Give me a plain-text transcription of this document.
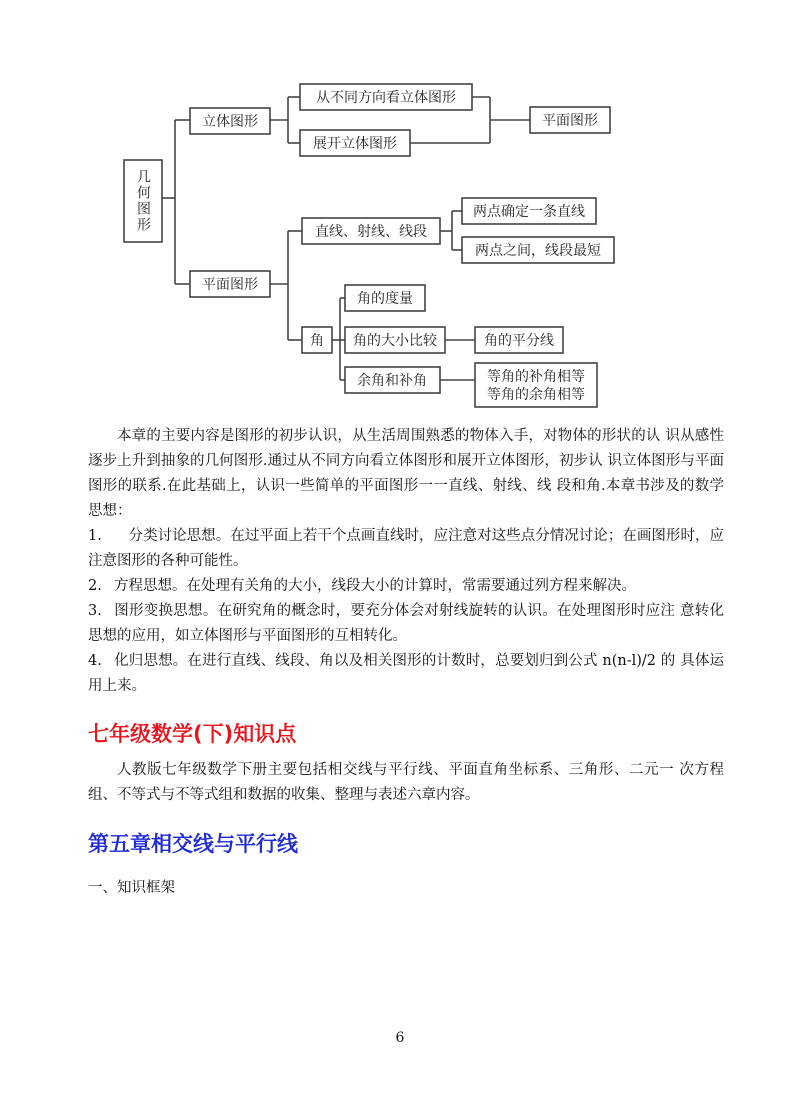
几何图形
立体图形
从不同方向看立体图形
展开立体图形
平面图形
平面图形
直线、射线、线段
两点确定一条直线
两点之间，线段最短
角
角的度量
角的大小比较	角的平分线
余角和补角	等角的补角相等
等角的余角相等

本章的主要内容是图形的初步认识，从生活周围熟悉的物体入手，对物体的形状的认 识从感性逐步上升到抽象的几何图形.通过从不同方向看立体图形和展开立体图形，初步认 识立体图形与平面图形的联系.在此基础上，认识一些简单的平面图形一一直线、射线、线 段和角.本章书涉及的数学思想：

1.　分类讨论思想。在过平面上若干个点画直线时，应注意对这些点分情况讨论；在画图形时，应注意图形的各种可能性。

2. 方程思想。在处理有关角的大小，线段大小的计算时，常需要通过列方程来解决。

3. 图形变换思想。在研究角的概念时，要充分体会对射线旋转的认识。在处理图形时应注 意转化思想的应用，如立体图形与平面图形的互相转化。

4. 化归思想。在进行直线、线段、角以及相关图形的计数时，总要划归到公式 n(n-l)/2 的 具体运用上来。

七年级数学(下)知识点

人教版七年级数学下册主要包括相交线与平行线、平面直角坐标系、三角形、二元一 次方程组、不等式与不等式组和数据的收集、整理与表述六章内容。

第五章相交线与平行线

一、知识框架

6
